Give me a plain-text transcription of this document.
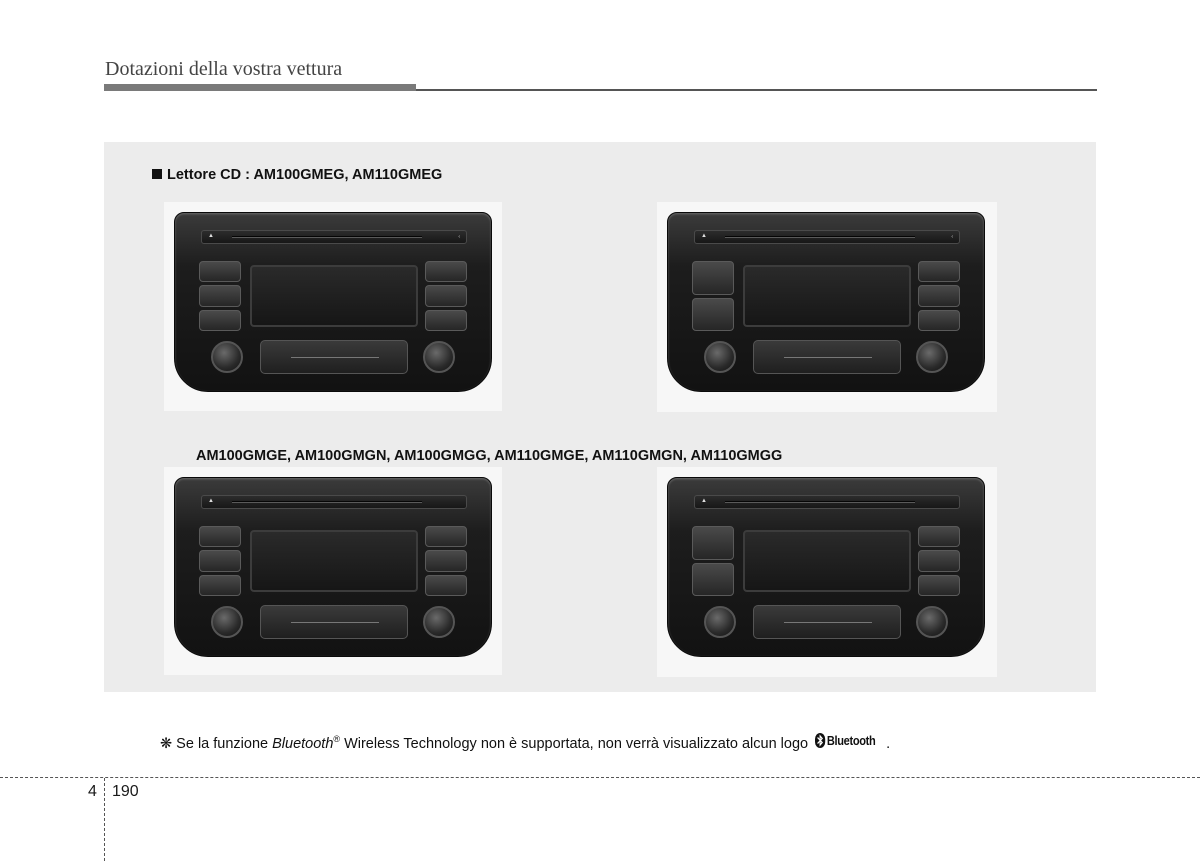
Dotazioni della vostra vettura
Lettore CD : AM100GMEG, AM110GMEG
▲	‹	▲	‹
AM100GMGE, AM100GMGN, AM100GMGG, AM110GMGE, AM110GMGN, AM110GMGG
▲	▲
❋ Se la funzione Bluetooth® Wireless Technology non è supportata, non verrà visualizzato alcun logo Bluetooth .
4 190
